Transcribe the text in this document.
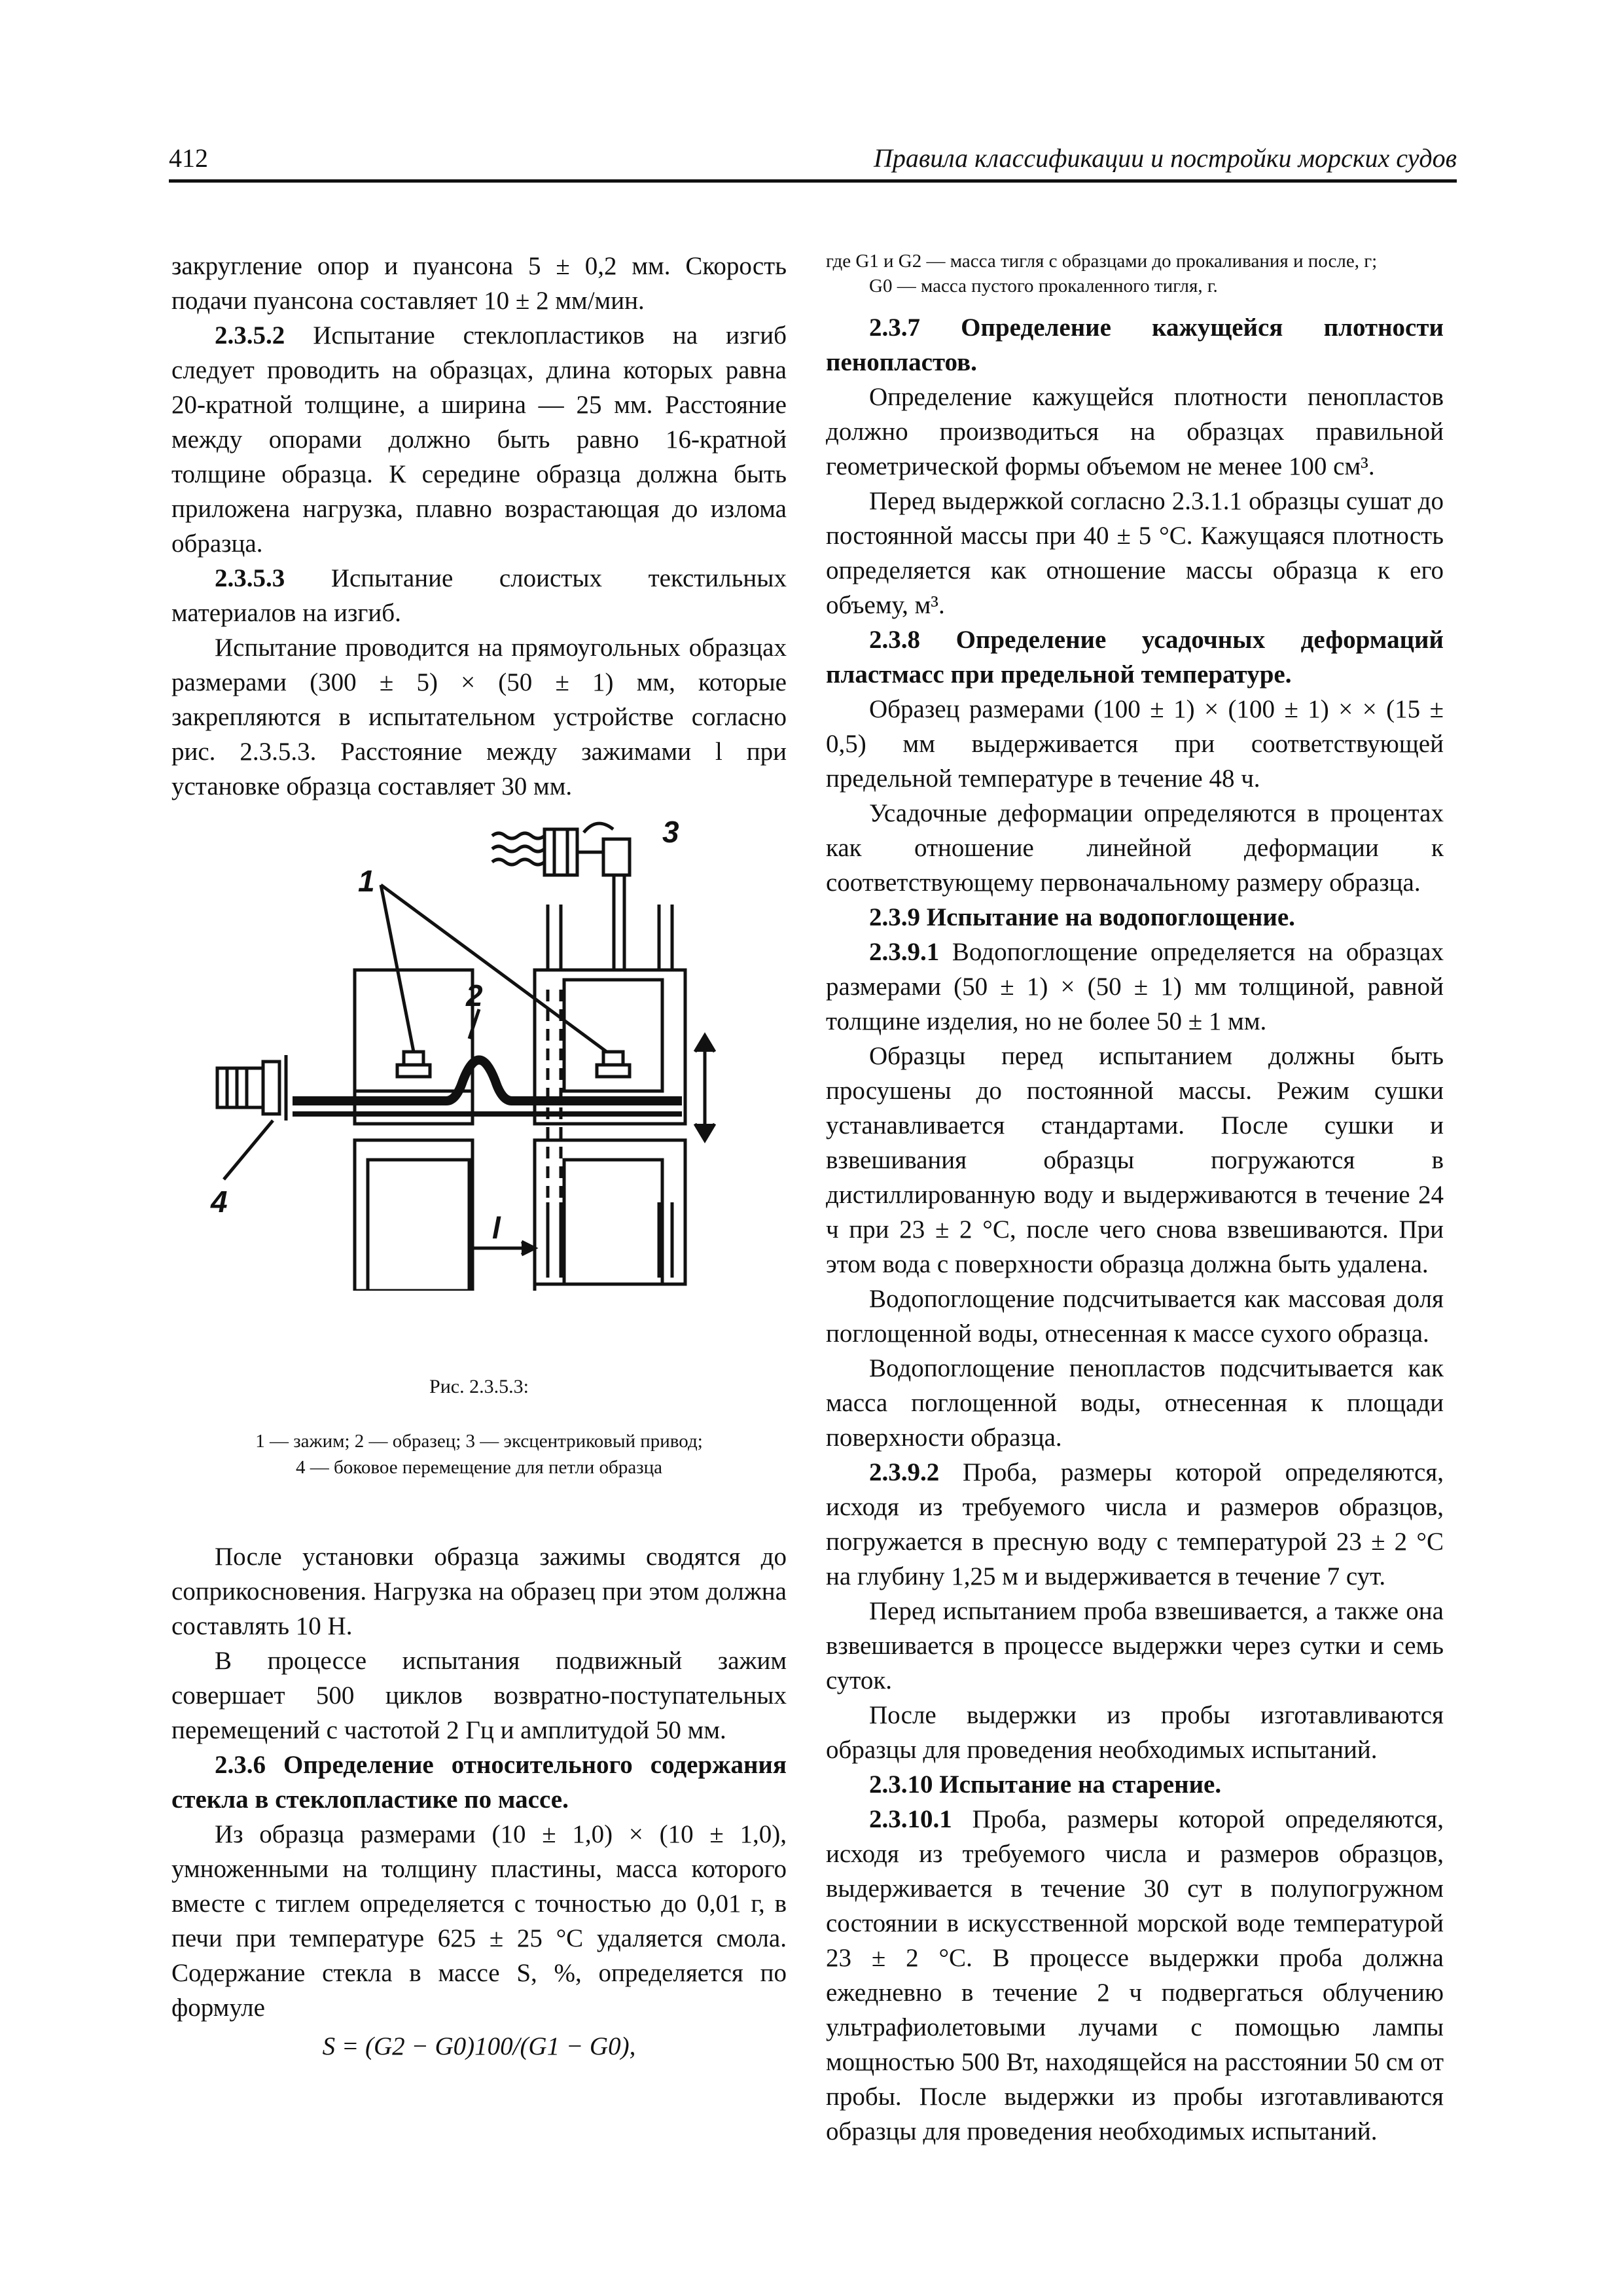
412	Правила классификации и постройки морских судов

закругление опор и пуансона 5 ± 0,2 мм. Скорость подачи пуансона составляет 10 ± 2 мм/мин.

2.3.5.2 Испытание стеклопластиков на изгиб следует проводить на образцах, длина которых равна 20-кратной толщине, а ширина — 25 мм. Расстояние между опорами должно быть равно 16-кратной толщине образца. К середине образца должна быть приложена нагрузка, плавно возрастающая до излома образца.

2.3.5.3 Испытание слоистых текстильных материалов на изгиб.

Испытание проводится на прямоугольных образцах размерами (300 ± 5) × (50 ± 1) мм, которые закрепляются в испытательном устройстве согласно рис. 2.3.5.3. Расстояние между зажимами l при установке образца составляет 30 мм.

1
2
3
4
l
Рис. 2.3.5.3:
1 — зажим; 2 — образец; 3 — эксцентриковый привод;
4 — боковое перемещение для петли образца

После установки образца зажимы сводятся до соприкосновения. Нагрузка на образец при этом должна составлять 10 Н.

В процессе испытания подвижный зажим совершает 500 циклов возвратно-поступательных перемещений с частотой 2 Гц и амплитудой 50 мм.

2.3.6 Определение относительного содержания стекла в стеклопластике по массе.

Из образца размерами (10 ± 1,0) × (10 ± 1,0), умноженными на толщину пластины, масса которого вместе с тиглем определяется с точностью до 0,01 г, в печи при температуре 625 ± 25 °С удаляется смола. Содержание стекла в массе S, %, определяется по формуле

S = (G2 − G0)100/(G1 − G0),
где G1 и G2 — масса тигля с образцами до прокаливания и после, г;
G0 — масса пустого прокаленного тигля, г.
2.3.7 Определение кажущейся плотности пенопластов.

Определение кажущейся плотности пенопластов должно производиться на образцах правильной геометрической формы объемом не менее 100 см³.

Перед выдержкой согласно 2.3.1.1 образцы сушат до постоянной массы при 40 ± 5 °С. Кажущаяся плотность определяется как отношение массы образца к его объему, м³.

2.3.8 Определение усадочных деформаций пластмасс при предельной температуре.

Образец размерами (100 ± 1) × (100 ± 1) × × (15 ± 0,5) мм выдерживается при соответствующей предельной температуре в течение 48 ч.

Усадочные деформации определяются в процентах как отношение линейной деформации к соответствующему первоначальному размеру образца.

2.3.9 Испытание на водопоглощение.

2.3.9.1 Водопоглощение определяется на образцах размерами (50 ± 1) × (50 ± 1) мм толщиной, равной толщине изделия, но не более 50 ± 1 мм.

Образцы перед испытанием должны быть просушены до постоянной массы. Режим сушки устанавливается стандартами. После сушки и взвешивания образцы погружаются в дистиллированную воду и выдерживаются в течение 24 ч при 23 ± 2 °С, после чего снова взвешиваются. При этом вода с поверхности образца должна быть удалена.

Водопоглощение подсчитывается как массовая доля поглощенной воды, отнесенная к массе сухого образца.

Водопоглощение пенопластов подсчитывается как масса поглощенной воды, отнесенная к площади поверхности образца.

2.3.9.2 Проба, размеры которой определяются, исходя из требуемого числа и размеров образцов, погружается в пресную воду с температурой 23 ± 2 °С на глубину 1,25 м и выдерживается в течение 7 сут.

Перед испытанием проба взвешивается, а также она взвешивается в процессе выдержки через сутки и семь суток.

После выдержки из пробы изготавливаются образцы для проведения необходимых испытаний.

2.3.10 Испытание на старение.

2.3.10.1 Проба, размеры которой определяются, исходя из требуемого числа и размеров образцов, выдерживается в течение 30 сут в полупогружном состоянии в искусственной морской воде температурой 23 ± 2 °С. В процессе выдержки проба должна ежедневно в течение 2 ч подвергаться облучению ультрафиолетовыми лучами с помощью лампы мощностью 500 Вт, находящейся на расстоянии 50 см от пробы. После выдержки из пробы изготавливаются образцы для проведения необходимых испытаний.
